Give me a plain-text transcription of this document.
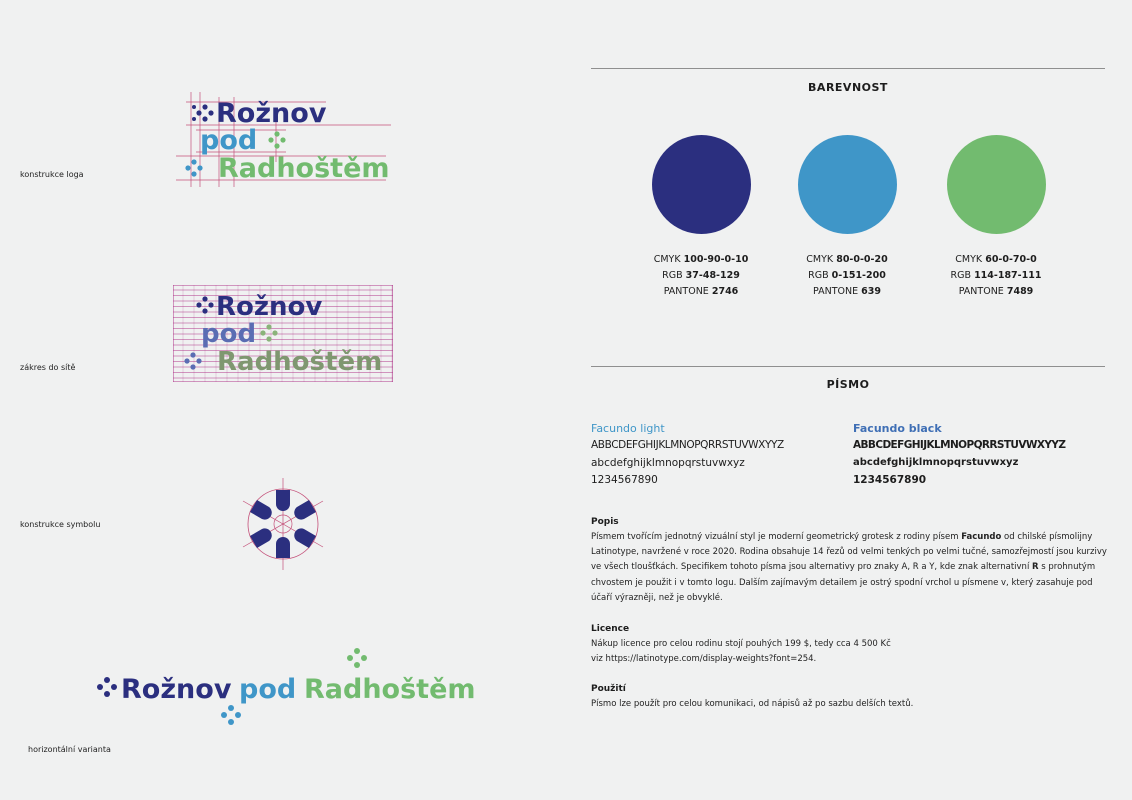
konstrukce loga
zákres do sítě
konstrukce symbolu
horizontální varianta
Rožnov
pod
Radhoštěm
Rožnov
pod
Radhoštěm
Rožnov pod Radhoštěm
BAREVNOST
CMYK 100-90-0-10
RGB 37-48-129
PANTONE 2746
CMYK 80-0-0-20
RGB 0-151-200
PANTONE 639
CMYK 60-0-70-0
RGB 114-187-111
PANTONE 7489
PÍSMO
Facundo light
ABBCDEFGHIJKLMNOPQRRSTUVWXYYZ
abcdefghijklmnopqrstuvwxyz
1234567890
Facundo black
ABBCDEFGHIJKLMNOPQRRSTUVWXYYZ
abcdefghijklmnopqrstuvwxyz
1234567890
Popis
Písmem tvořícím jednotný vizuální styl je moderní geometrický grotesk z rodiny písem Facundo od chilské písmolijny Latinotype, navržené v roce 2020. Rodina obsahuje 14 řezů od velmi tenkých po velmi tučné, samozřejmostí jsou kurzivy ve všech tloušťkách. Specifikem tohoto písma jsou alternativy pro znaky A, R a Y, kde znak alternativní R s prohnutým chvostem je použit i v tomto logu. Dalším zajímavým detailem je ostrý spodní vrchol u písmene v, který zasahuje pod účaří výrazněji, než je obvyklé.
Licence
Nákup licence pro celou rodinu stojí pouhých 199 $, tedy cca 4 500 Kč
viz https://latinotype.com/display-weights?font=254.
Použití
Písmo lze použít pro celou komunikaci, od nápisů až po sazbu delších textů.
